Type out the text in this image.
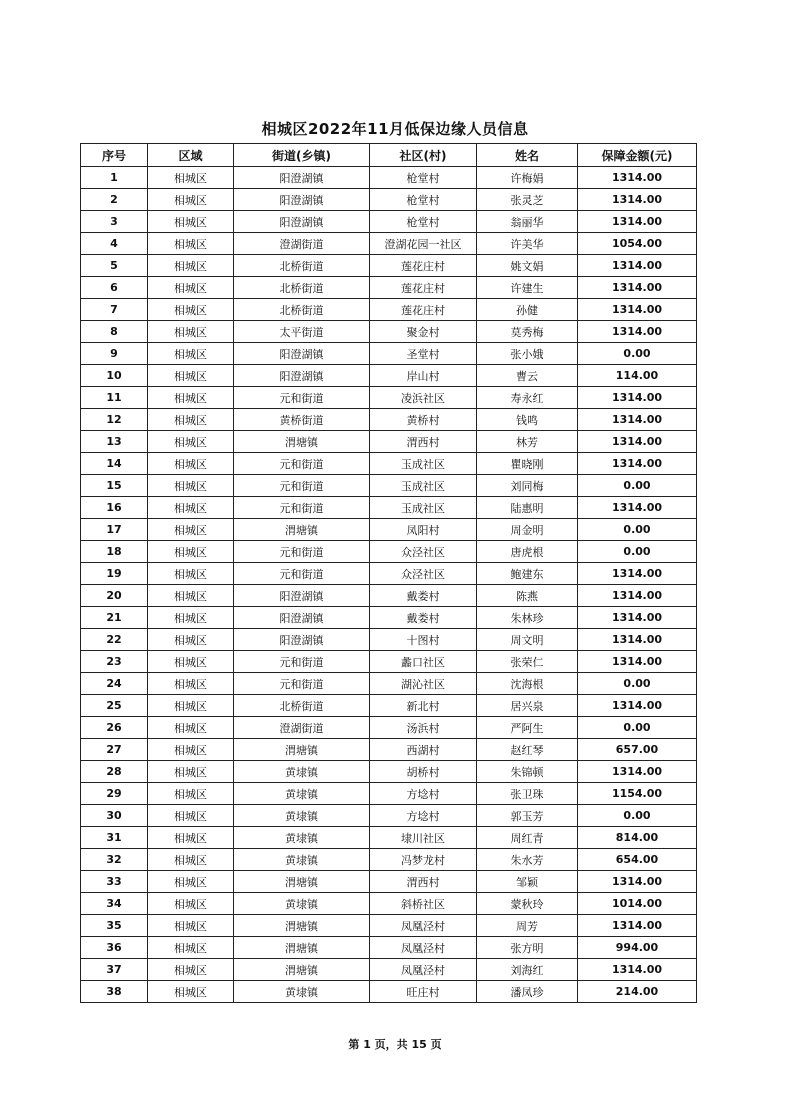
相城区2022年11月低保边缘人员信息
序号	区域	街道(乡镇)	社区(村)	姓名	保障金额(元)
1	相城区	阳澄湖镇	枪堂村	许梅娟	1314.00
2	相城区	阳澄湖镇	枪堂村	张灵芝	1314.00
3	相城区	阳澄湖镇	枪堂村	翁丽华	1314.00
4	相城区	澄湖街道	澄湖花园一社区	许美华	1054.00
5	相城区	北桥街道	莲花庄村	姚文娟	1314.00
6	相城区	北桥街道	莲花庄村	许建生	1314.00
7	相城区	北桥街道	莲花庄村	孙健	1314.00
8	相城区	太平街道	聚金村	莫秀梅	1314.00
9	相城区	阳澄湖镇	圣堂村	张小娥	0.00
10	相城区	阳澄湖镇	岸山村	曹云	114.00
11	相城区	元和街道	凌浜社区	寿永红	1314.00
12	相城区	黄桥街道	黄桥村	钱鸣	1314.00
13	相城区	渭塘镇	渭西村	林芳	1314.00
14	相城区	元和街道	玉成社区	瞿晓刚	1314.00
15	相城区	元和街道	玉成社区	刘同梅	0.00
16	相城区	元和街道	玉成社区	陆惠明	1314.00
17	相城区	渭塘镇	凤阳村	周金明	0.00
18	相城区	元和街道	众泾社区	唐虎根	0.00
19	相城区	元和街道	众泾社区	鲍建东	1314.00
20	相城区	阳澄湖镇	戴娄村	陈燕	1314.00
21	相城区	阳澄湖镇	戴娄村	朱林珍	1314.00
22	相城区	阳澄湖镇	十图村	周文明	1314.00
23	相城区	元和街道	蠡口社区	张荣仁	1314.00
24	相城区	元和街道	湖沁社区	沈海根	0.00
25	相城区	北桥街道	新北村	居兴泉	1314.00
26	相城区	澄湖街道	汤浜村	严阿生	0.00
27	相城区	渭塘镇	西湖村	赵红琴	657.00
28	相城区	黄埭镇	胡桥村	朱锦顿	1314.00
29	相城区	黄埭镇	方埝村	张卫珠	1154.00
30	相城区	黄埭镇	方埝村	郭玉芳	0.00
31	相城区	黄埭镇	埭川社区	周红青	814.00
32	相城区	黄埭镇	冯梦龙村	朱水芳	654.00
33	相城区	渭塘镇	渭西村	邹颖	1314.00
34	相城区	黄埭镇	斜桥社区	蒙秋玲	1014.00
35	相城区	渭塘镇	凤凰泾村	周芳	1314.00
36	相城区	渭塘镇	凤凰泾村	张方明	994.00
37	相城区	渭塘镇	凤凰泾村	刘海红	1314.00
38	相城区	黄埭镇	旺庄村	潘凤珍	214.00
第 1 页，共 15 页
